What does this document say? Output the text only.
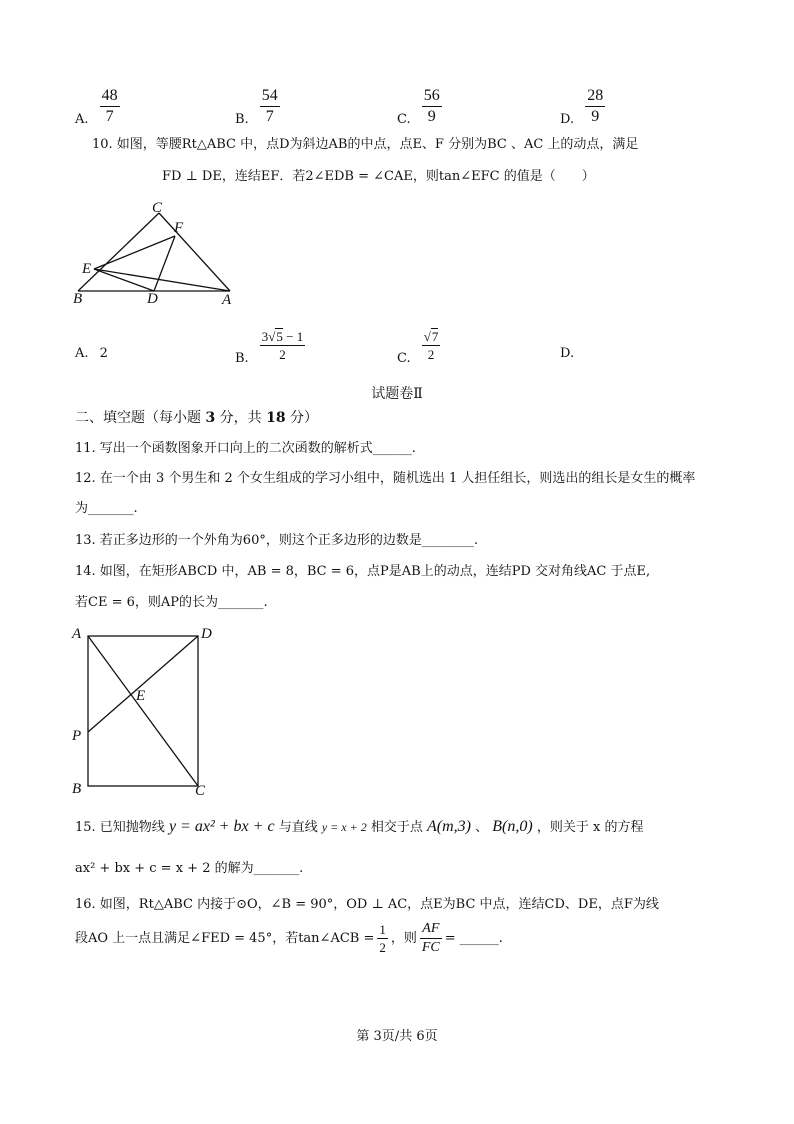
$_{A.} \frac{48}{7}$	$_{B.} \frac{54}{7}$	$_{C.} \frac{56}{9}$	$_{D.} \frac{28}{9}$
10. 如图，等腰Rt△ABC 中，点D为斜边AB的中点，点E、F 分别为BC 、AC 上的动点，满足
FD ⊥ DE，连结EF．若2∠EDB = ∠CAE，则tan∠EFC 的值是（　　）
C
F
E
B	D	A
A. 2	$_{B.} \frac{3√5 - 1}{2}$	$_{C.} \frac{√7}{2}$	D.
试题卷Ⅱ
二、填空题（每小题 3 分，共 18 分）
11. 写出一个函数图象开口向上的二次函数的解析式______.
12. 在一个由 3 个男生和 2 个女生组成的学习小组中，随机选出 1 人担任组长，则选出的组长是女生的概率
为_______.
13. 若正多边形的一个外角为60°，则这个正多边形的边数是________.
14. 如图，在矩形ABCD 中，AB = 8，BC = 6，点P是AB上的动点，连结PD 交对角线AC 于点E,
若CE = 6，则AP的长为_______.
A	D
E
P
B	C
15. 已知抛物线 y = ax² + bx + c 与直线 y = x + 2 相交于点 A(m,3) 、 B(n,0) ，则关于 x 的方程
ax² + bx + c = x + 2 的解为_______.
16. 如图，Rt△ABC 内接于⊙O，∠B = 90°，OD ⊥ AC，点E为BC 中点，连结CD、DE，点F为线
段AO 上一点且满足∠FED = 45°，若tan∠ACB = $\frac{1}{2}$ ，则 $\frac{AF}{FC}$ = ______.
第 3页/共 6页
